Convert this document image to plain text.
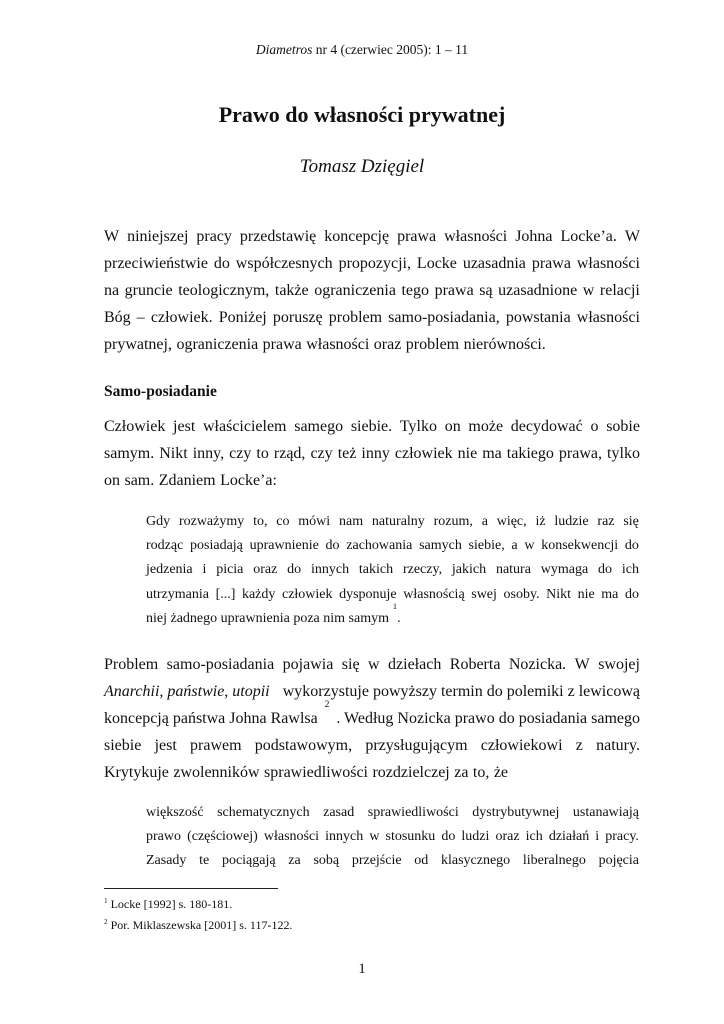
Diametros nr 4 (czerwiec 2005): 1 – 11
Prawo do własności prywatnej
Tomasz Dzięgiel
W niniejszej pracy przedstawię koncepcję prawa własności Johna Locke’a. W
przeciwieństwie do współczesnych propozycji, Locke uzasadnia prawa własności
na gruncie teologicznym, także ograniczenia tego prawa są uzasadnione w relacji
Bóg – człowiek. Poniżej poruszę problem samo-posiadania, powstania własności
prywatnej, ograniczenia prawa własności oraz problem nierówności.
Samo-posiadanie
Człowiek jest właścicielem samego siebie. Tylko on może decydować o sobie
samym. Nikt inny, czy to rząd, czy też inny człowiek nie ma takiego prawa, tylko
on sam. Zdaniem Locke’a:
Gdy rozważymy to, co mówi nam naturalny rozum, a więc, iż ludzie raz się
rodząc posiadają uprawnienie do zachowania samych siebie, a w konsekwencji do
jedzenia i picia oraz do innych takich rzeczy, jakich natura wymaga do ich
utrzymania [...] każdy człowiek dysponuje własnością swej osoby. Nikt nie ma do
niej żadnego uprawnienia poza nim samym
1
.
Problem samo-posiadania pojawia się w dziełach Roberta Nozicka. W swojej
Anarchii, państwie, utopii wykorzystuje powyższy termin do polemiki z lewicową
koncepcją państwa Johna Rawlsa
2
. Według Nozicka prawo do posiadania samego
siebie jest prawem podstawowym, przysługującym człowiekowi z natury.
Krytykuje zwolenników sprawiedliwości rozdzielczej za to, że
większość schematycznych zasad sprawiedliwości dystrybutywnej ustanawiają
prawo (częściowej) własności innych w stosunku do ludzi oraz ich działań i pracy.
Zasady te pociągają za sobą przejście od klasycznego liberalnego pojęcia
$^1$ Locke [1992] s. 180-181.
$^2$ Por. Miklaszewska [2001] s. 117-122.
1
